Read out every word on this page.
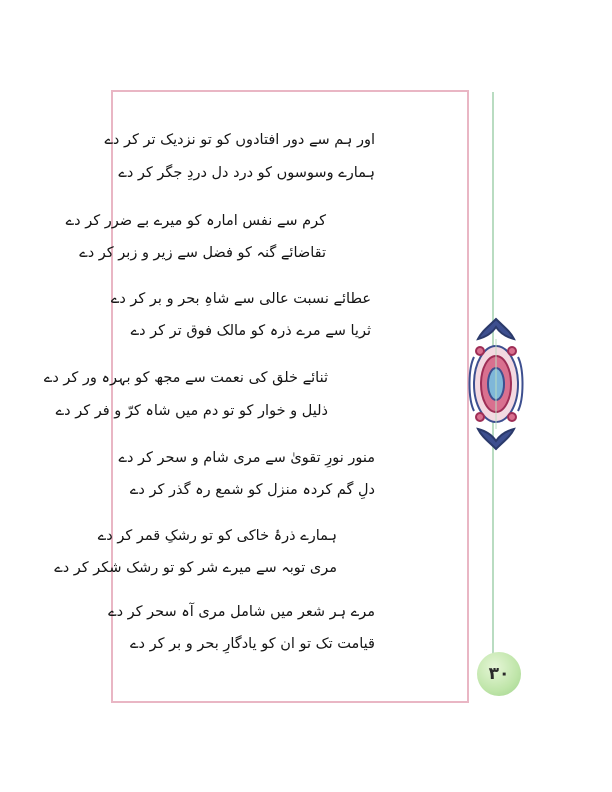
اور ہم سے دور افتادوں کو تو نزدیک تر کر دے
ہمارے وسوسوں کو درد دل دردِ جگر کر دے
کرم سے نفس امارہ کو میرے بے ضرر کر دے
تقاضائے گنہ کو فضل سے زیر و زبر کر دے
عطائے نسبت عالی سے شاہِ بحر و بر کر دے
ثریا سے مرے ذرہ کو مالک فوق تر کر دے
ثنائے خلق کی نعمت سے مجھ کو بہرہ ور کر دے
ذلیل و خوار کو تو دم میں شاہ کرّ و فر کر دے
منور نورِ تقویٰ سے مری شام و سحر کر دے
دلِ گم کردہ منزل کو شمع رہ گذر کر دے
ہمارے ذرۂ خاکی کو تو رشکِ قمر کر دے
مری توبہ سے میرے شر کو تو رشک شکر کر دے
مرے ہر شعر میں شامل مری آہ سحر کر دے
قیامت تک تو ان کو یادگارِ بحر و بر کر دے
۳۰
